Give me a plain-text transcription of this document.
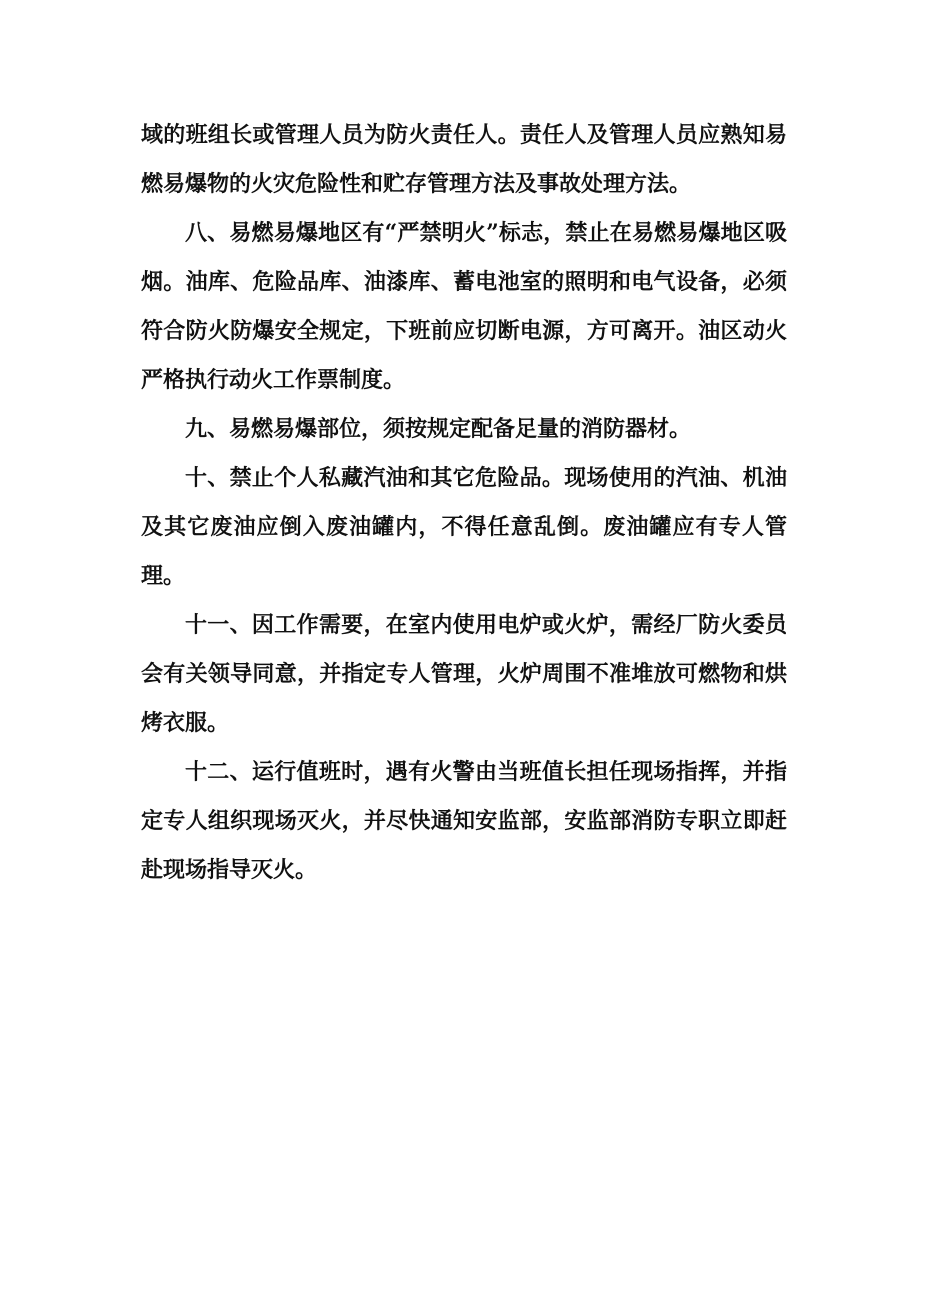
域的班组长或管理人员为防火责任人。责任人及管理人员应熟知易燃易爆物的火灾危险性和贮存管理方法及事故处理方法。

八、易燃易爆地区有“严禁明火”标志，禁止在易燃易爆地区吸烟。油库、危险品库、油漆库、蓄电池室的照明和电气设备，必须符合防火防爆安全规定，下班前应切断电源，方可离开。油区动火严格执行动火工作票制度。

九、易燃易爆部位，须按规定配备足量的消防器材。

十、禁止个人私藏汽油和其它危险品。现场使用的汽油、机油及其它废油应倒入废油罐内，不得任意乱倒。废油罐应有专人管理。

十一、因工作需要，在室内使用电炉或火炉，需经厂防火委员会有关领导同意，并指定专人管理，火炉周围不准堆放可燃物和烘烤衣服。

十二、运行值班时，遇有火警由当班值长担任现场指挥，并指定专人组织现场灭火，并尽快通知安监部，安监部消防专职立即赶赴现场指导灭火。
